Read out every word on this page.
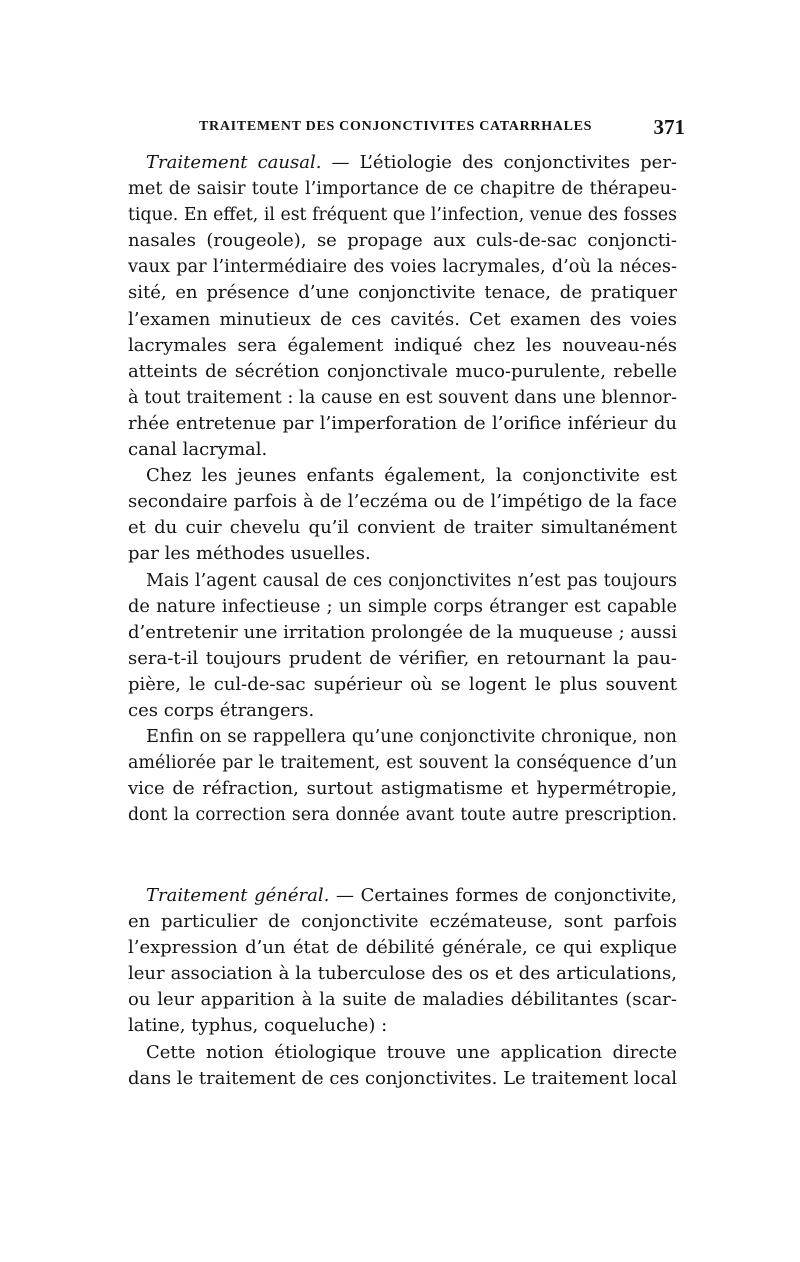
TRAITEMENT DES CONJONCTIVITES CATARRHALES	371
Traitement causal. — L’étiologie des conjonctivites per-
met de saisir toute l’importance de ce chapitre de thérapeu-
tique. En effet, il est fréquent que l’infection, venue des fosses
nasales (rougeole), se propage aux culs-de-sac conjoncti-
vaux par l’intermédiaire des voies lacrymales, d’où la néces-
sité, en présence d’une conjonctivite tenace, de pratiquer
l’examen minutieux de ces cavités. Cet examen des voies
lacrymales sera également indiqué chez les nouveau-nés
atteints de sécrétion conjonctivale muco-purulente, rebelle
à tout traitement : la cause en est souvent dans une blennor-
rhée entretenue par l’imperforation de l’orifice inférieur du
canal lacrymal.
Chez les jeunes enfants également, la conjonctivite est
secondaire parfois à de l’eczéma ou de l’impétigo de la face
et du cuir chevelu qu’il convient de traiter simultanément
par les méthodes usuelles.
Mais l’agent causal de ces conjonctivites n’est pas toujours
de nature infectieuse ; un simple corps étranger est capable
d’entretenir une irritation prolongée de la muqueuse ; aussi
sera-t-il toujours prudent de vérifier, en retournant la pau-
pière, le cul-de-sac supérieur où se logent le plus souvent
ces corps étrangers.
Enfin on se rappellera qu’une conjonctivite chronique, non
améliorée par le traitement, est souvent la conséquence d’un
vice de réfraction, surtout astigmatisme et hypermétropie,
dont la correction sera donnée avant toute autre prescription.
Traitement général. — Certaines formes de conjonctivite,
en particulier de conjonctivite eczémateuse, sont parfois
l’expression d’un état de débilité générale, ce qui explique
leur association à la tuberculose des os et des articulations,
ou leur apparition à la suite de maladies débilitantes (scar-
latine, typhus, coqueluche) :
Cette notion étiologique trouve une application directe
dans le traitement de ces conjonctivites. Le traitement local
